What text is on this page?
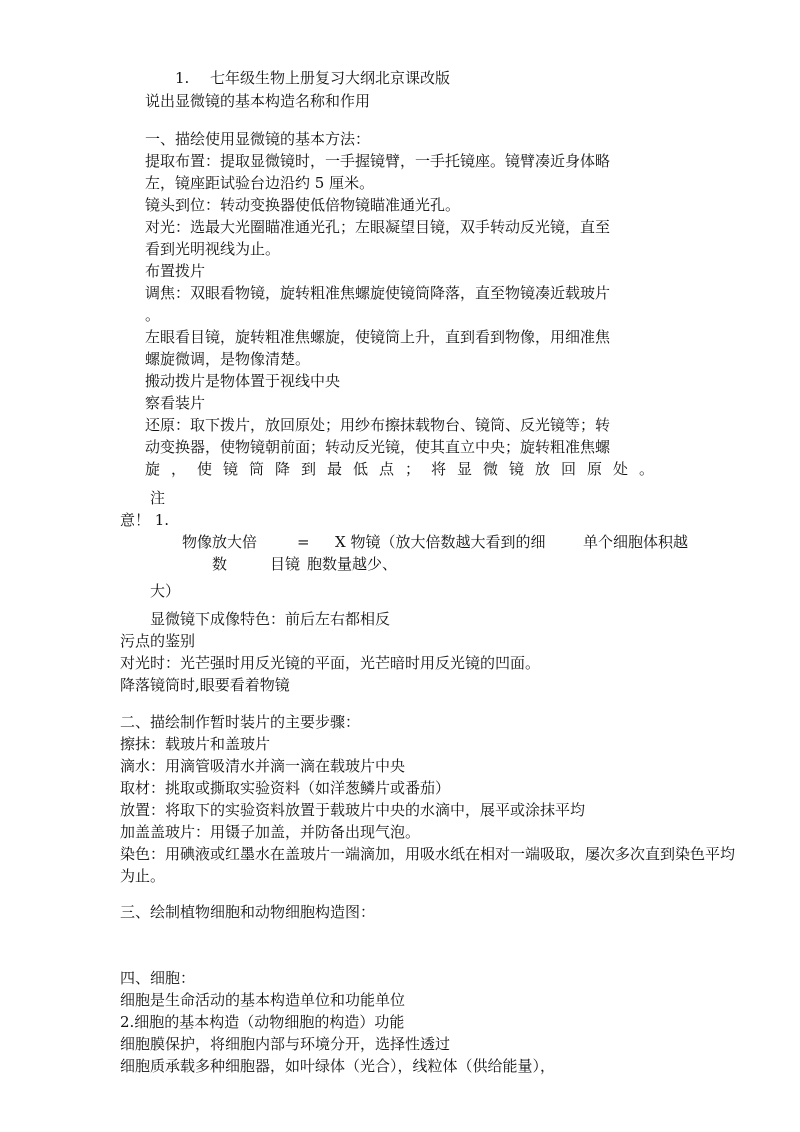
1. 七年级生物上册复习大纲北京课改版
说出显微镜的基本构造名称和作用
一、描绘使用显微镜的基本方法：
提取布置：提取显微镜时，一手握镜臂，一手托镜座。镜臂凑近身体略
左，镜座距试验台边沿约 5 厘米。
镜头到位：转动变换器使低倍物镜瞄准通光孔。
对光：选最大光圈瞄准通光孔；左眼凝望目镜，双手转动反光镜，直至
看到光明视线为止。
布置拨片
调焦：双眼看物镜，旋转粗准焦螺旋使镜筒降落，直至物镜凑近载玻片
。
左眼看目镜，旋转粗准焦螺旋，使镜筒上升，直到看到物像，用细准焦
螺旋微调，是物像清楚。
搬动拨片是物体置于视线中央
察看装片
还原：取下拨片，放回原处；用纱布擦抹载物台、镜筒、反光镜等；转
动变换器，使物镜朝前面；转动反光镜，使其直立中央；旋转粗准焦螺
旋，使镜筒降到最低点；将显微镜放回原处。
注
意！ 1.
物像放大倍	= X 物镜（放大倍数越大看到的细	单个细胞体积越
数	目镜 胞数量越少、
大）
显微镜下成像特色：前后左右都相反
污点的鉴别
对光时：光芒强时用反光镜的平面，光芒暗时用反光镜的凹面。
降落镜筒时,眼要看着物镜
二、描绘制作暂时装片的主要步骤：
擦抹：载玻片和盖玻片
滴水：用滴管吸清水并滴一滴在载玻片中央
取材：挑取或撕取实验资料（如洋葱鳞片或番茄）
放置：将取下的实验资料放置于载玻片中央的水滴中，展平或涂抹平均
加盖盖玻片：用镊子加盖，并防备出现气泡。
染色：用碘液或红墨水在盖玻片一端滴加，用吸水纸在相对一端吸取，屡次多次直到染色平均
为止。
三、绘制植物细胞和动物细胞构造图：
四、细胞：
细胞是生命活动的基本构造单位和功能单位
2.细胞的基本构造（动物细胞的构造）功能
细胞膜保护，将细胞内部与环境分开，选择性透过
细胞质承载多种细胞器，如叶绿体（光合），线粒体（供给能量），
